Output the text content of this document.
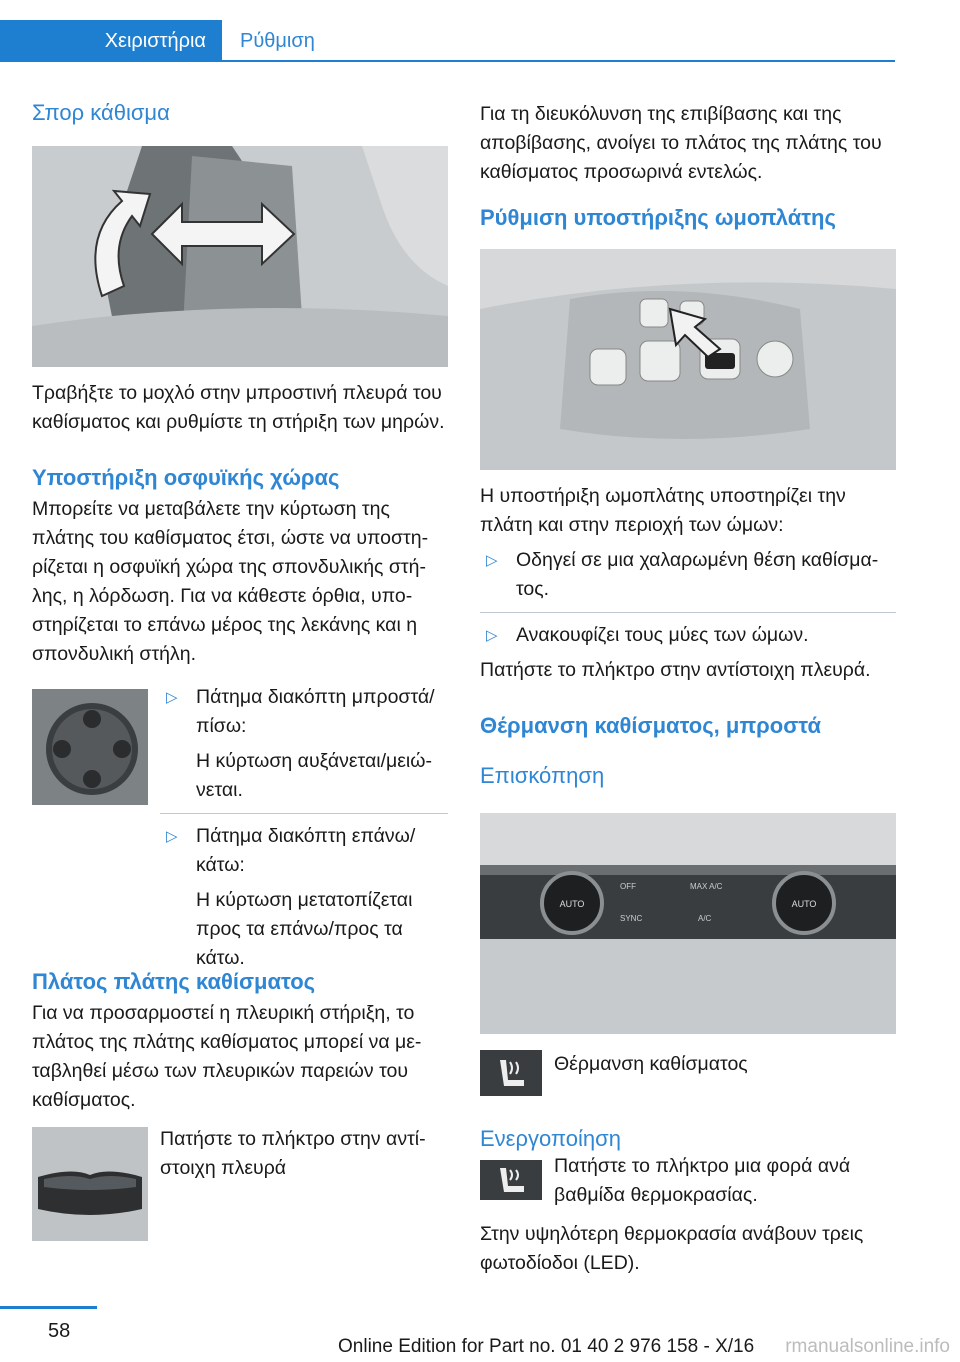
Χειριστήρια	Ρύθμιση
Σπορ κάθισμα

Τραβήξτε το μοχλό στην μπροστινή πλευρά του καθίσματος και ρυθμίστε τη στήριξη των μηρών.

Υποστήριξη οσφυϊκής χώρας

Μπορείτε να μεταβάλετε την κύρτωση της πλάτης του καθίσματος έτσι, ώστε να υποστη-ρίζεται η οσφυϊκή χώρα της σπονδυλικής στή-λης, η λόρδωση. Για να κάθεστε όρθια, υπο-στηρίζεται το επάνω μέρος της λεκάνης και η σπονδυλική στήλη.

▷ Πάτημα διακόπτη μπροστά/πίσω:
Η κύρτωση αυξάνεται/μειώ-νεται.
▷ Πάτημα διακόπτη επάνω/κάτω:
Η κύρτωση μετατοπίζεται προς τα επάνω/προς τα κάτω.
Πλάτος πλάτης καθίσματος

Για να προσαρμοστεί η πλευρική στήριξη, το πλάτος της πλάτης καθίσματος μπορεί να με-ταβληθεί μέσω των πλευρικών παρειών του καθίσματος.

Πατήστε το πλήκτρο στην αντί-στοιχη πλευρά

Για τη διευκόλυνση της επιβίβασης και της αποβίβασης, ανοίγει το πλάτος της πλάτης του καθίσματος προσωρινά εντελώς.

Ρύθμιση υποστήριξης ωμοπλάτης

Η υποστήριξη ωμοπλάτης υποστηρίζει την πλάτη και στην περιοχή των ώμων:

▷ Οδηγεί σε μια χαλαρωμένη θέση καθίσμα-τος.
▷ Ανακουφίζει τους μύες των ώμων.

Πατήστε το πλήκτρο στην αντίστοιχη πλευρά.

Θέρμανση καθίσματος, μπροστά
Επισκόπηση
AUTO	AUTO
OFF	MAX A/C
SYNC	A/C

Θέρμανση καθίσματος

Ενεργοποίηση

Πατήστε το πλήκτρο μια φορά ανά βαθμίδα θερμοκρασίας.

Στην υψηλότερη θερμοκρασία ανάβουν τρεις φωτοδίοδοι (LED).

58
Online Edition for Part no. 01 40 2 976 158 - X/16 rmanualsonline.info
